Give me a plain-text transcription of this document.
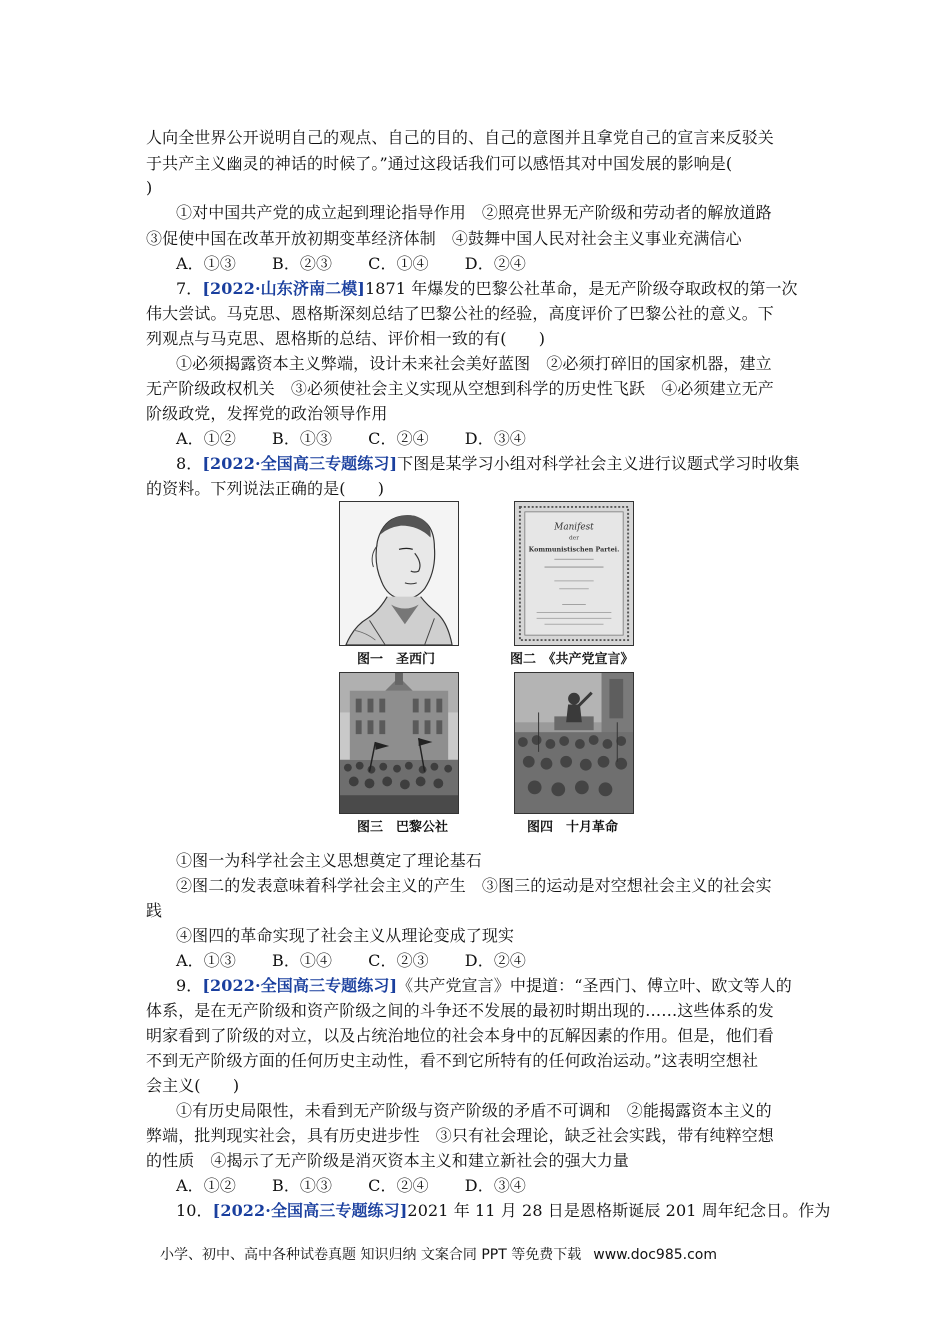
人向全世界公开说明自己的观点、自己的目的、自己的意图并且拿党自己的宣言来反驳关
于共产主义幽灵的神话的时候了。”通过这段话我们可以感悟其对中国发展的影响是(
)
①对中国共产党的成立起到理论指导作用　②照亮世界无产阶级和劳动者的解放道路
③促使中国在改革开放初期变革经济体制　④鼓舞中国人民对社会主义事业充满信心
A．①③ B．②③ C．①④ D．②④
7．[2022·山东济南二模]1871 年爆发的巴黎公社革命，是无产阶级夺取政权的第一次
伟大尝试。马克思、恩格斯深刻总结了巴黎公社的经验，高度评价了巴黎公社的意义。下
列观点与马克思、恩格斯的总结、评价相一致的有(　　)
①必须揭露资本主义弊端，设计未来社会美好蓝图　②必须打碎旧的国家机器，建立
无产阶级政权机关　③必须使社会主义实现从空想到科学的历史性飞跃　④必须建立无产
阶级政党，发挥党的政治领导作用
A．①② B．①③ C．②④ D．③④
8．[2022·全国高三专题练习]下图是某学习小组对科学社会主义进行议题式学习时收集
的资料。下列说法正确的是(　　)
图一　圣西门
Manifest
der
Kommunistischen Partei.
图二　《共产党宣言》
图三　巴黎公社	图四　十月革命
①图一为科学社会主义思想奠定了理论基石
②图二的发表意味着科学社会主义的产生　③图三的运动是对空想社会主义的社会实
践
④图四的革命实现了社会主义从理论变成了现实
A．①③ B．①④ C．②③ D．②④
9．[2022·全国高三专题练习]《共产党宣言》中提道：“圣西门、傅立叶、欧文等人的
体系，是在无产阶级和资产阶级之间的斗争还不发展的最初时期出现的……这些体系的发
明家看到了阶级的对立，以及占统治地位的社会本身中的瓦解因素的作用。但是，他们看
不到无产阶级方面的任何历史主动性，看不到它所特有的任何政治运动。”这表明空想社
会主义(　　)
①有历史局限性，未看到无产阶级与资产阶级的矛盾不可调和　②能揭露资本主义的
弊端，批判现实社会，具有历史进步性　③只有社会理论，缺乏社会实践，带有纯粹空想
的性质　④揭示了无产阶级是消灭资本主义和建立新社会的强大力量
A．①② B．①③ C．②④ D．③④
10．[2022·全国高三专题练习]2021 年 11 月 28 日是恩格斯诞辰 201 周年纪念日。作为
小学、初中、高中各种试卷真题 知识归纳 文案合同 PPT 等免费下载 www.doc985.com
